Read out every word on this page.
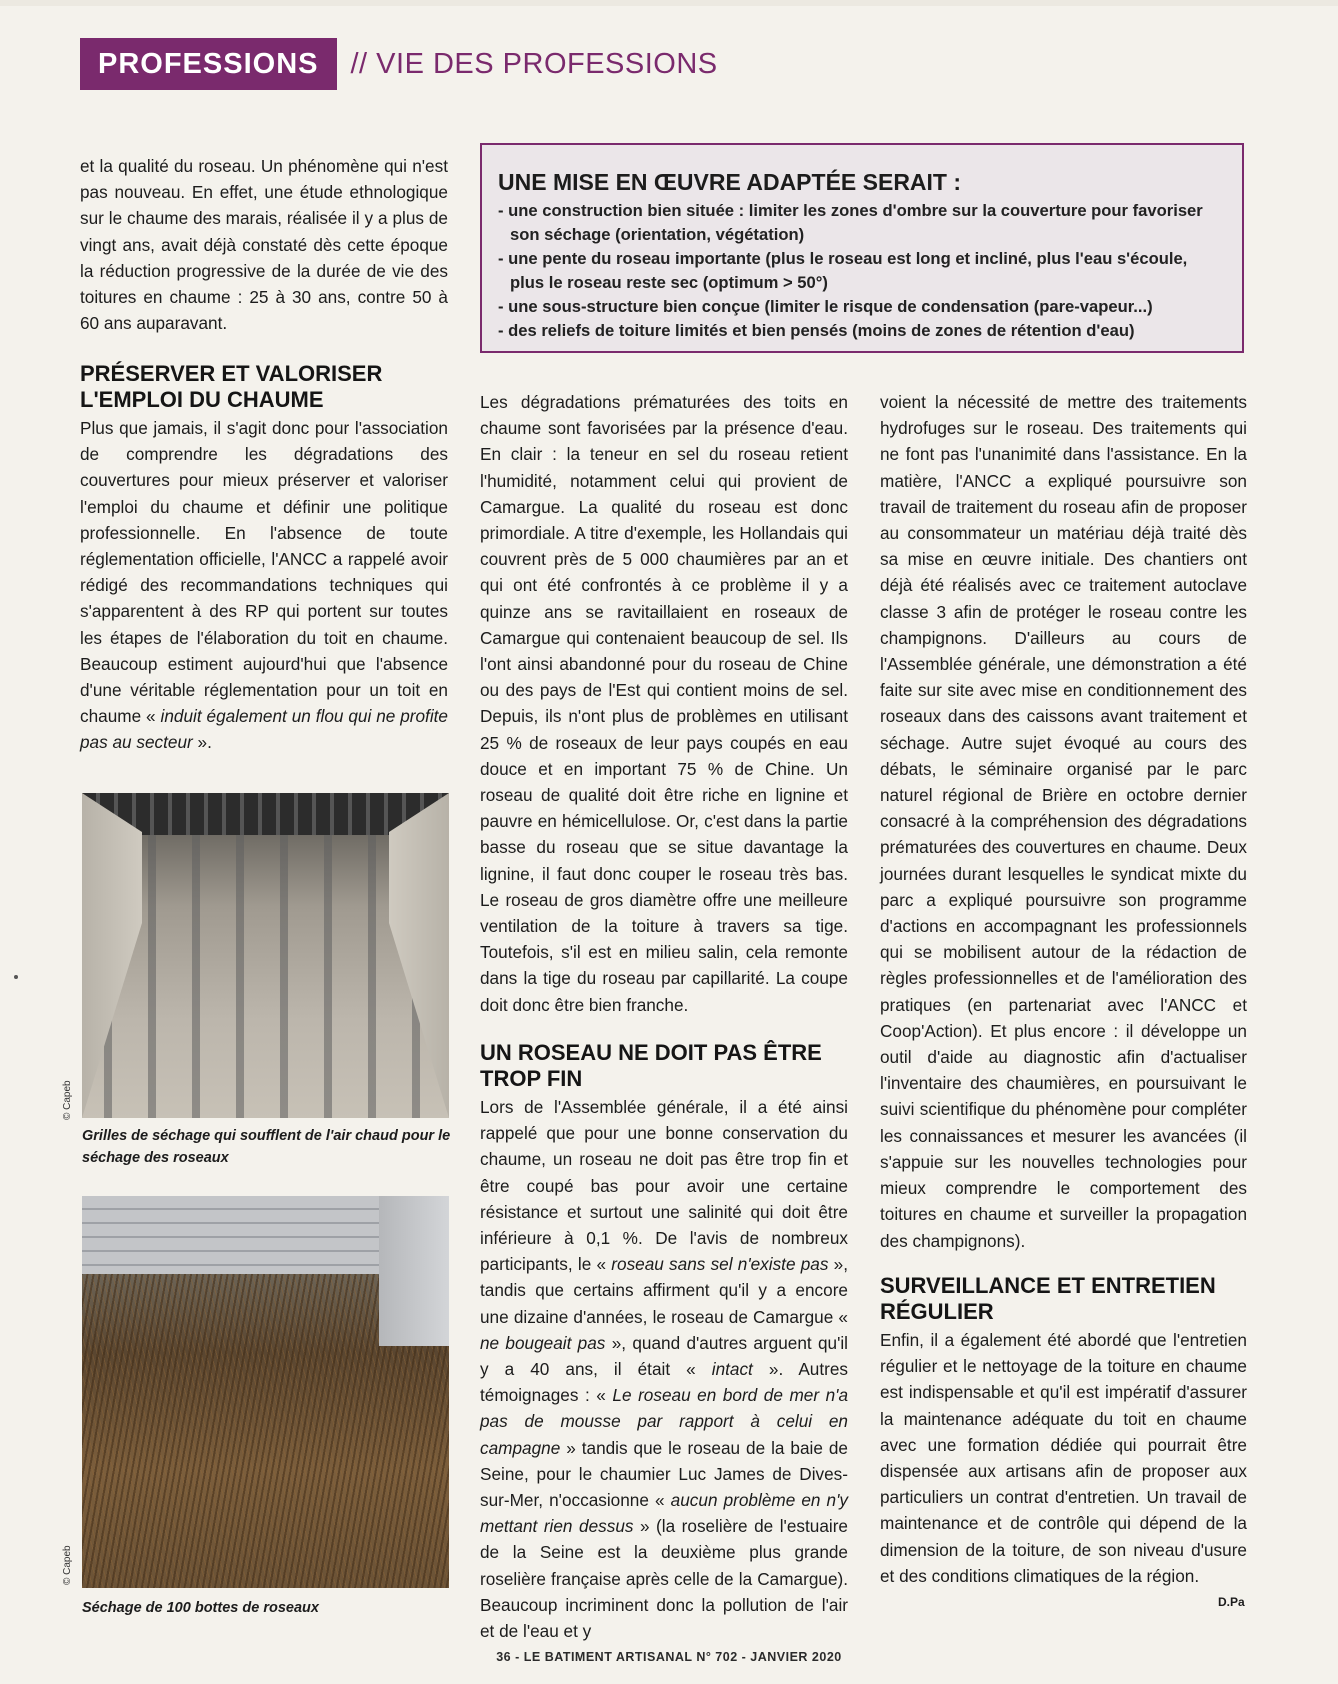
PROFESSIONS	// VIE DES PROFESSIONS

et la qualité du roseau. Un phénomène qui n'est pas nouveau. En effet, une étude ethnologique sur le chaume des marais, réalisée il y a plus de vingt ans, avait déjà constaté dès cette époque la réduction progressive de la durée de vie des toitures en chaume : 25 à 30 ans, contre 50 à 60 ans auparavant.

PRÉSERVER ET VALORISER L'EMPLOI DU CHAUME

Plus que jamais, il s'agit donc pour l'association de comprendre les dégradations des couvertures pour mieux préserver et valoriser l'emploi du chaume et définir une politique professionnelle. En l'absence de toute réglementation officielle, l'ANCC a rappelé avoir rédigé des recommandations techniques qui s'apparentent à des RP qui portent sur toutes les étapes de l'élaboration du toit en chaume. Beaucoup estiment aujourd'hui que l'absence d'une véritable réglementation pour un toit en chaume « induit également un flou qui ne profite pas au secteur ».

© Capeb
Grilles de séchage qui soufflent de l'air chaud pour le séchage des roseaux
© Capeb
Séchage de 100 bottes de roseaux
UNE MISE EN ŒUVRE ADAPTÉE SERAIT :
- une construction bien située : limiter les zones d'ombre sur la couverture pour favoriser son séchage (orientation, végétation)
- une pente du roseau importante (plus le roseau est long et incliné, plus l'eau s'écoule, plus le roseau reste sec (optimum > 50°)
- une sous-structure bien conçue (limiter le risque de condensation (pare-vapeur...)
- des reliefs de toiture limités et bien pensés (moins de zones de rétention d'eau)

Les dégradations prématurées des toits en chaume sont favorisées par la présence d'eau. En clair : la teneur en sel du roseau retient l'humidité, notamment celui qui provient de Camargue. La qualité du roseau est donc primordiale. A titre d'exemple, les Hollandais qui couvrent près de 5 000 chaumières par an et qui ont été confrontés à ce problème il y a quinze ans se ravitaillaient en roseaux de Camargue qui contenaient beaucoup de sel. Ils l'ont ainsi abandonné pour du roseau de Chine ou des pays de l'Est qui contient moins de sel. Depuis, ils n'ont plus de problèmes en utilisant 25 % de roseaux de leur pays coupés en eau douce et en important 75 % de Chine. Un roseau de qualité doit être riche en lignine et pauvre en hémicellulose. Or, c'est dans la partie basse du roseau que se situe davantage la lignine, il faut donc couper le roseau très bas. Le roseau de gros diamètre offre une meilleure ventilation de la toiture à travers sa tige. Toutefois, s'il est en milieu salin, cela remonte dans la tige du roseau par capillarité. La coupe doit donc être bien franche.

UN ROSEAU NE DOIT PAS ÊTRE TROP FIN

Lors de l'Assemblée générale, il a été ainsi rappelé que pour une bonne conservation du chaume, un roseau ne doit pas être trop fin et être coupé bas pour avoir une certaine résistance et surtout une salinité qui doit être inférieure à 0,1 %. De l'avis de nombreux participants, le « roseau sans sel n'existe pas », tandis que certains affirment qu'il y a encore une dizaine d'années, le roseau de Camargue « ne bougeait pas », quand d'autres arguent qu'il y a 40 ans, il était « intact ». Autres témoignages : « Le roseau en bord de mer n'a pas de mousse par rapport à celui en campagne » tandis que le roseau de la baie de Seine, pour le chaumier Luc James de Dives-sur-Mer, n'occasionne « aucun problème en n'y mettant rien dessus » (la roselière de l'estuaire de la Seine est la deuxième plus grande roselière française après celle de la Camargue). Beaucoup incriminent donc la pollution de l'air et de l'eau et y

voient la nécessité de mettre des traitements hydrofuges sur le roseau. Des traitements qui ne font pas l'unanimité dans l'assistance. En la matière, l'ANCC a expliqué poursuivre son travail de traitement du roseau afin de proposer au consommateur un matériau déjà traité dès sa mise en œuvre initiale. Des chantiers ont déjà été réalisés avec ce traitement autoclave classe 3 afin de protéger le roseau contre les champignons. D'ailleurs au cours de l'Assemblée générale, une démonstration a été faite sur site avec mise en conditionnement des roseaux dans des caissons avant traitement et séchage. Autre sujet évoqué au cours des débats, le séminaire organisé par le parc naturel régional de Brière en octobre dernier consacré à la compréhension des dégradations prématurées des couvertures en chaume. Deux journées durant lesquelles le syndicat mixte du parc a expliqué poursuivre son programme d'actions en accompagnant les professionnels qui se mobilisent autour de la rédaction de règles professionnelles et de l'amélioration des pratiques (en partenariat avec l'ANCC et Coop'Action). Et plus encore : il développe un outil d'aide au diagnostic afin d'actualiser l'inventaire des chaumières, en poursuivant le suivi scientifique du phénomène pour compléter les connaissances et mesurer les avancées (il s'appuie sur les nouvelles technologies pour mieux comprendre le comportement des toitures en chaume et surveiller la propagation des champignons).

SURVEILLANCE ET ENTRETIEN RÉGULIER

Enfin, il a également été abordé que l'entretien régulier et le nettoyage de la toiture en chaume est indispensable et qu'il est impératif d'assurer la maintenance adéquate du toit en chaume avec une formation dédiée qui pourrait être dispensée aux artisans afin de proposer aux particuliers un contrat d'entretien. Un travail de maintenance et de contrôle qui dépend de la dimension de la toiture, de son niveau d'usure et des conditions climatiques de la région.

D.Pa
36 - LE BATIMENT ARTISANAL N° 702 - JANVIER 2020
